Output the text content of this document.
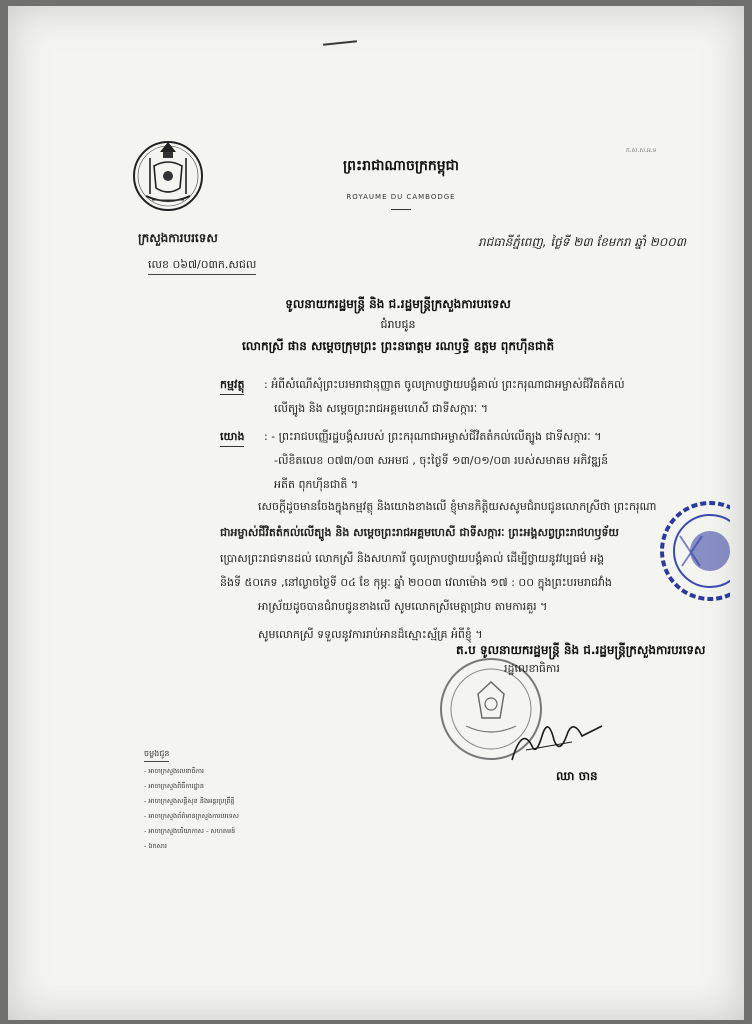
ក.ស.ស.អ.ទ
ក្រសួងការបរទេស
លេខ ០៦៧/០៣ក.សជល
ព្រះរាជាណាចក្រកម្ពុជា
ROYAUME DU CAMBODGE
រាជធានីភ្នំពេញ, ថ្ងៃទី ២៣ ខែមករា ឆ្នាំ ២០០៣
ទូលនាយករដ្ឋមន្ត្រី និង ជ.រដ្ឋមន្ត្រីក្រសួងការបរទេស
ជំរាបជូន
លោកស្រី ផាន សម្តេចក្រុមព្រះ ព្រះនរោត្តម រណឫទ្ធិ ឧត្តម ពុកហ៊ីនជាតិ
កម្មវត្ថុ : អំពីសំណើសុំព្រះបរមរាជានុញ្ញាត ចូលក្រាបថ្វាយបង្គំគាល់ ព្រះករុណាជាអម្ចាស់ជីវិតតំកល់
លើត្បូង និង សម្តេចព្រះរាជអគ្គមហេសី ជាទីសក្ការៈ ។
យោង : - ព្រះរាជបញ្ញើរដ្ឋបង្គំសរបស់ ព្រះករុណាជាអម្ចាស់ជីវិតតំកល់លើត្បូង ជាទីសក្ការៈ ។
-លិខិតលេខ ០៧៣/០៣ សអមជ , ចុះថ្ងៃទី ១៣/០១/០៣ របស់សមាគម អភិវឌ្ឍន៍
អតីត ពុកហ៊ីនជាតិ ។
សេចក្តីដូចមានចែងក្នុងកម្មវត្ថុ និងយោងខាងលើ ខ្ញុំមានកិត្តិយសសូមជំរាបជូនលោកស្រីថា ព្រះករុណា
ជាអម្ចាស់ជីវិតតំកល់លើត្បូង និង សម្តេចព្រះរាជអគ្គមហេសី ជាទីសក្ការៈ ព្រះអង្គសព្វព្រះរាជហឫទ័យ
ប្រោសព្រះរាជទានដល់ លោកស្រី និងសហការី ចូលក្រាបថ្វាយបង្គំគាល់ ដើម្បីថ្វាយនូវវប្បធម៌ អង្គ
និងទី ៥០ភេទ ,នៅល្ងាចថ្ងៃទី ០៤ ខែ កុម្ភៈ ឆ្នាំ ២០០៣ វេលាម៉ោង ១៧ : ០០ ក្នុងព្រះបរមរាជវាំង
អាស្រ័យដូចបានជំរាបជូនខាងលើ សូមលោកស្រីមេត្តាជ្រាប តាមការគួរ ។
សូមលោកស្រី ទទួលនូវការរាប់អានដ៏ស្មោះស្ម័គ្រ អំពីខ្ញុំ ។
ត.ប ទូលនាយករដ្ឋមន្ត្រី និង ជ.រដ្ឋមន្ត្រីក្រសួងការបរទេស
រដ្ឋលេខាធិការ
ឈា ចាន
ចម្លងជូន
- អាចាក្រសួងលេខាធិការ
- អាចាក្រសួងពិធីការដ្ឋាន
- អាចាក្រសួងសន្តិសុខ និងអន្តរប្រព្រឹត្តិ
- អាចាក្រសួងព័ត៌មានក្រសួងការបរទេស
- អាចាក្រសួងបរិយាកាស - សហគមន៍
- ឯកសារ
